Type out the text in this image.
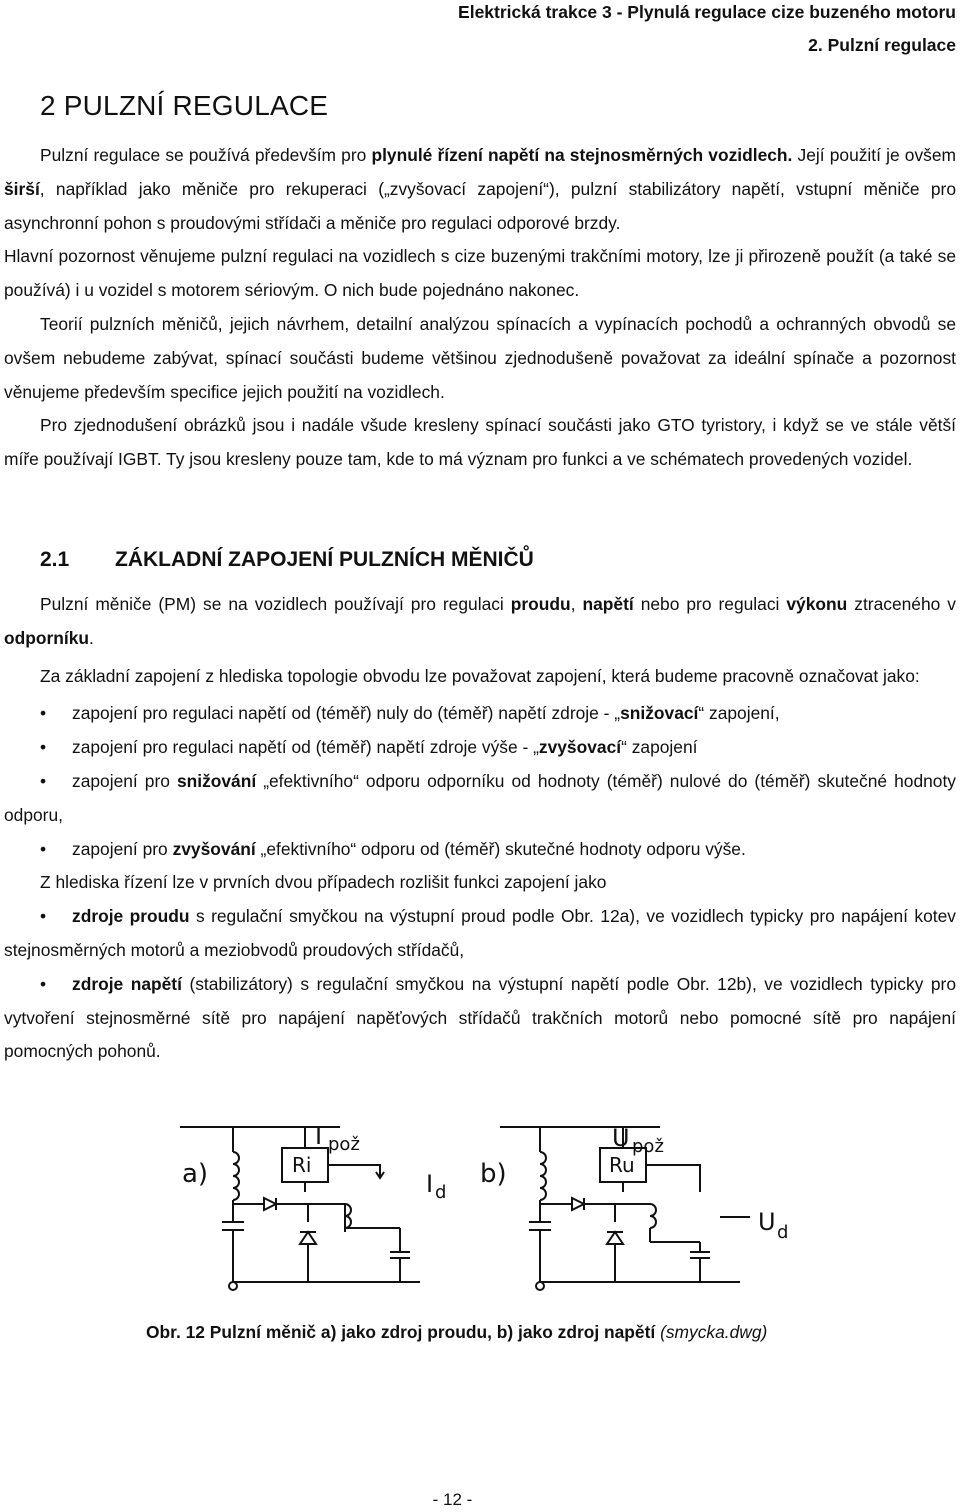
Elektrická trakce 3 - Plynulá regulace cize buzeného motoru
2. Pulzní regulace
2 PULZNÍ REGULACE

Pulzní regulace se používá především pro plynulé řízení napětí na stejnosměrných vozidlech. Její použití je ovšem širší, například jako měniče pro rekuperaci („zvyšovací zapojení“), pulzní stabilizátory napětí, vstupní měniče pro asynchronní pohon s proudovými střídači a měniče pro regulaci odporové brzdy.

Hlavní pozornost věnujeme pulzní regulaci na vozidlech s cize buzenými trakčními motory, lze ji přirozeně použít (a také se používá) i u vozidel s motorem sériovým. O nich bude pojednáno nakonec.

Teorií pulzních měničů, jejich návrhem, detailní analýzou spínacích a vypínacích pochodů a ochranných obvodů se ovšem nebudeme zabývat, spínací součásti budeme většinou zjednodušeně považovat za ideální spínače a pozornost věnujeme především specifice jejich použití na vozidlech.

Pro zjednodušení obrázků jsou i nadále všude kresleny spínací součásti jako GTO tyristory, i když se ve stále větší míře používají IGBT. Ty jsou kresleny pouze tam, kde to má význam pro funkci a ve schématech provedených vozidel.

2.1 ZÁKLADNÍ ZAPOJENÍ PULZNÍCH MĚNIČŮ

Pulzní měniče (PM) se na vozidlech používají pro regulaci proudu, napětí nebo pro regulaci výkonu ztraceného v odporníku.

Za základní zapojení z hlediska topologie obvodu lze považovat zapojení, která budeme pracovně označovat jako:

•	zapojení pro regulaci napětí od (téměř) nuly do (téměř) napětí zdroje - „snižovací“ zapojení,

•	zapojení pro regulaci napětí od (téměř) napětí zdroje výše - „zvyšovací“ zapojení

•	zapojení pro snižování „efektivního“ odporu odporníku od hodnoty (téměř) nulové do (téměř) skutečné hodnoty odporu,

•	zapojení pro zvyšování „efektivního“ odporu od (téměř) skutečné hodnoty odporu výše.

Z hlediska řízení lze v prvních dvou případech rozlišit funkci zapojení jako

•	zdroje proudu s regulační smyčkou na výstupní proud podle Obr. 12a), ve vozidlech typicky pro napájení kotev stejnosměrných motorů a meziobvodů proudových střídačů,

•	zdroje napětí (stabilizátory) s regulační smyčkou na výstupní napětí podle Obr. 12b), ve vozidlech typicky pro vytvoření stejnosměrné sítě pro napájení napěťových střídačů trakčních motorů nebo pomocné sítě pro napájení pomocných pohonů.

a)	b)
Ri	Ru
I pož	U pož
I d
U d
Obr. 12 Pulzní měnič a) jako zdroj proudu, b) jako zdroj napětí (smycka.dwg)
- 12 -
